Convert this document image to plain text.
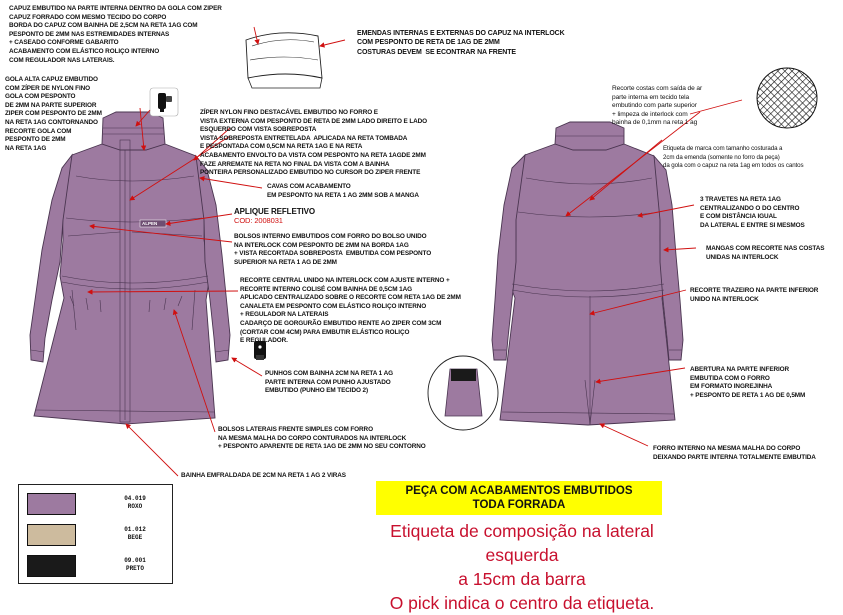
CAPUZ EMBUTIDO NA PARTE INTERNA DENTRO DA GOLA COM ZIPER
CAPUZ FORRADO COM MESMO TECIDO DO CORPO
BORDA DO CAPUZ COM BAINHA DE 2,5CM NA RETA 1AG COM
PESPONTO DE 2MM NAS ESTREMIDADES INTERNAS
+ CASEADO CONFORME GABARITO
ACABAMENTO COM ELÁSTICO ROLIÇO INTERNO
COM REGULADOR NAS LATERAIS.
EMENDAS INTERNAS E EXTERNAS DO CAPUZ NA INTERLOCK
COM PESPONTO DE RETA DE 1AG DE 2MM
COSTURAS DEVEM  SE ECONTRAR NA FRENTE
GOLA ALTA CAPUZ EMBUTIDO
COM ZÍPER DE NYLON FINO
GOLA COM PESPONTO
DE 2MM NA PARTE SUPERIOR
ZIPER COM PESPONTO DE 2MM
NA RETA 1AG CONTORNANDO
RECORTE GOLA COM
PESPONTO DE 2MM
NA RETA 1AG
ZÍPER NYLON FINO DESTACÁVEL EMBUTIDO NO FORRO E
VISTA EXTERNA COM PESPONTO DE RETA DE 2MM LADO DIREITO E LADO
ESQUERDO COM VISTA SOBREPOSTA
VISTA SOBREPOSTA ENTRETELADA  APLICADA NA RETA TOMBADA
E PESPONTADA COM 0,5CM NA RETA 1AG E NA RETA
ACABAMENTO ENVOLTO DA VISTA COM PESPONTO NA RETA 1AGDE 2MM
FAZE ARREMATE NA RETA NO FINAL DA VISTA COM A BAINHA
PONTEIRA PERSONALIZADO EMBUTIDO NO CURSOR DO ZIPER FRENTE
CAVAS COM ACABAMENTO
EM PESPONTO NA RETA 1 AG 2MM SOB A MANGA
APLIQUE REFLETIVO
COD: 2008031
BOLSOS INTERNO EMBUTIDOS COM FORRO DO BOLSO UNIDO
NA INTERLOCK COM PESPONTO DE 2MM NA BORDA 1AG
+ VISTA RECORTADA SOBREPOSTA  EMBUTIDA COM PESPONTO
SUPERIOR NA RETA 1 AG DE 2MM
RECORTE CENTRAL UNIDO NA INTERLOCK COM AJUSTE INTERNO +
RECORTE INTERNO COLISÉ COM BAINHA DE 0,5CM 1AG
APLICADO CENTRALIZADO SOBRE O RECORTE COM RETA 1AG DE 2MM
CANALETA EM PESPONTO COM ELÁSTICO ROLIÇO INTERNO
+ REGULADOR NA LATERAIS
CADARÇO DE GORGURÃO EMBUTIDO RENTE AO ZIPER COM 3CM
(CORTAR COM 4CM) PARA EMBUTIR ELÁSTICO ROLIÇO
E REGULADOR.
PUNHOS COM BAINHA 2CM NA RETA 1 AG
PARTE INTERNA COM PUNHO AJUSTADO
EMBUTIDO (PUNHO EM TECIDO 2)
BOLSOS LATERAIS FRENTE SIMPLES COM FORRO
NA MESMA MALHA DO CORPO CONTURADOS NA INTERLOCK
+ PESPONTO APARENTE DE RETA 1AG DE 2MM NO SEU CONTORNO
BAINHA EMFRALDADA DE 2CM NA RETA 1 AG 2 VIRAS
Recorte costas com saída de ar
parte interna em tecido tela
embutindo com parte superior
+ limpeza de interlock com
bainha de 0,1mm na reta 1 ag
Etiqueta de marca com tamanho costurada a
2cm da emenda (somente no forro da peça)
da gola com o capuz na reta 1ag em todos os cantos
3 TRAVETES NA RETA 1AG
CENTRALIZANDO O DO CENTRO
E COM DISTÂNCIA IGUAL
DA LATERAL E ENTRE SI MESMOS
MANGAS COM RECORTE NAS COSTAS
UNIDAS NA INTERLOCK
RECORTE TRAZEIRO NA PARTE INFERIOR
UNIDO NA INTERLOCK
ABERTURA NA PARTE INFERIOR
EMBUTIDA COM O FORRO
EM FORMATO INGREJINHA
+ PESPONTO DE RETA 1 AG DE 0,5MM
FORRO INTERNO NA MESMA MALHA DO CORPO
DEIXANDO PARTE INTERNA TOTALMENTE EMBUTIDA
ALPEN
PEÇA COM ACABAMENTOS EMBUTIDOS
TODA FORRADA
Etiqueta de composição na lateral esquerda
a 15cm da barra
O pick indica o centro da etiqueta.
04.019
ROXO
01.012
BEGE
09.001
PRETO
